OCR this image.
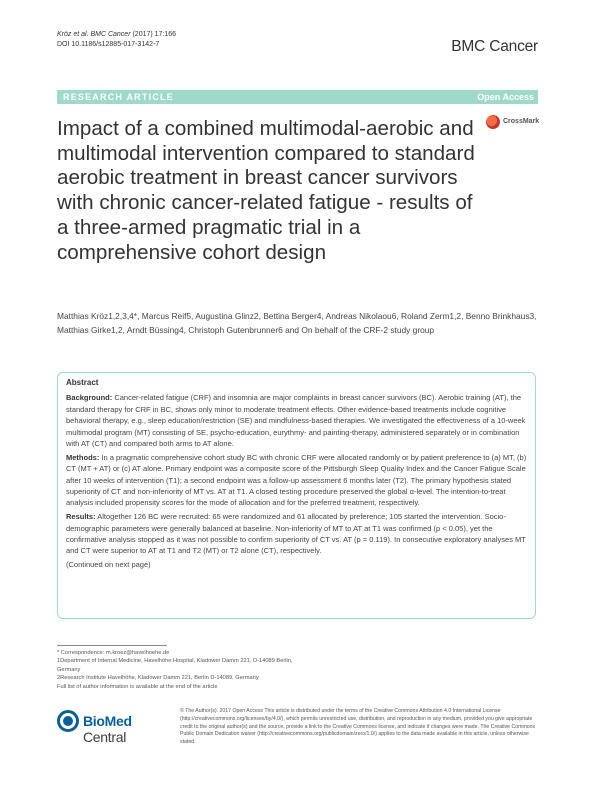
Kröz et al. BMC Cancer (2017) 17:166
DOI 10.1186/s12885-017-3142-7	BMC Cancer
RESEARCH ARTICLE	Open Access
Impact of a combined multimodal-aerobic and multimodal intervention compared to standard aerobic treatment in breast cancer survivors with chronic cancer-related fatigue - results of a three-armed pragmatic trial in a comprehensive cohort design
CrossMark
Matthias Kröz1,2,3,4*, Marcus Reif5, Augustina Glinz2, Bettina Berger4, Andreas Nikolaou6, Roland Zerm1,2, Benno Brinkhaus3, Matthias Girke1,2, Arndt Büssing4, Christoph Gutenbrunner6 and On behalf of the CRF-2 study group
Abstract

Background: Cancer-related fatigue (CRF) and insomnia are major complaints in breast cancer survivors (BC). Aerobic training (AT), the standard therapy for CRF in BC, shows only minor to moderate treatment effects. Other evidence-based treatments include cognitive behavioral therapy, e.g., sleep education/restriction (SE) and mindfulness-based therapies. We investigated the effectiveness of a 10-week multimodal program (MT) consisting of SE, psycho-education, eurythmy- and painting-therapy, administered separately or in combination with AT (CT) and compared both arms to AT alone.

Methods: In a pragmatic comprehensive cohort study BC with chronic CRF were allocated randomly or by patient preference to (a) MT, (b) CT (MT + AT) or (c) AT alone. Primary endpoint was a composite score of the Pittsburgh Sleep Quality Index and the Cancer Fatigue Scale after 10 weeks of intervention (T1); a second endpoint was a follow-up assessment 6 months later (T2). The primary hypothesis stated superiority of CT and non-inferiority of MT vs. AT at T1. A closed testing procedure preserved the global α-level. The intention-to-treat analysis included propensity scores for the mode of allocation and for the preferred treatment, respectively.

Results: Altogether 126 BC were recruited: 65 were randomized and 61 allocated by preference; 105 started the intervention. Socio-demographic parameters were generally balanced at baseline. Non-inferiority of MT to AT at T1 was confirmed (p < 0.05), yet the confirmative analysis stopped as it was not possible to confirm superiority of CT vs. AT (p = 0.119). In consecutive exploratory analyses MT and CT were superior to AT at T1 and T2 (MT) or T2 alone (CT), respectively.

(Continued on next page)

* Correspondence: m.kroez@havelhoehe.de

1Department of Internal Medicine, Havelhöhe Hospital, Kladower Damm 221, D-14089 Berlin, Germany

2Research Institute Havelhöhe, Kladower Damm 221, Berlin D-14089, Germany

Full list of author information is available at the end of the article

BioMed Central
© The Author(s). 2017 Open Access This article is distributed under the terms of the Creative Commons Attribution 4.0 International License (http://creativecommons.org/licenses/by/4.0/), which permits unrestricted use, distribution, and reproduction in any medium, provided you give appropriate credit to the original author(s) and the source, provide a link to the Creative Commons license, and indicate if changes were made. The Creative Commons Public Domain Dedication waiver (http://creativecommons.org/publicdomain/zero/1.0/) applies to the data made available in this article, unless otherwise stated.
